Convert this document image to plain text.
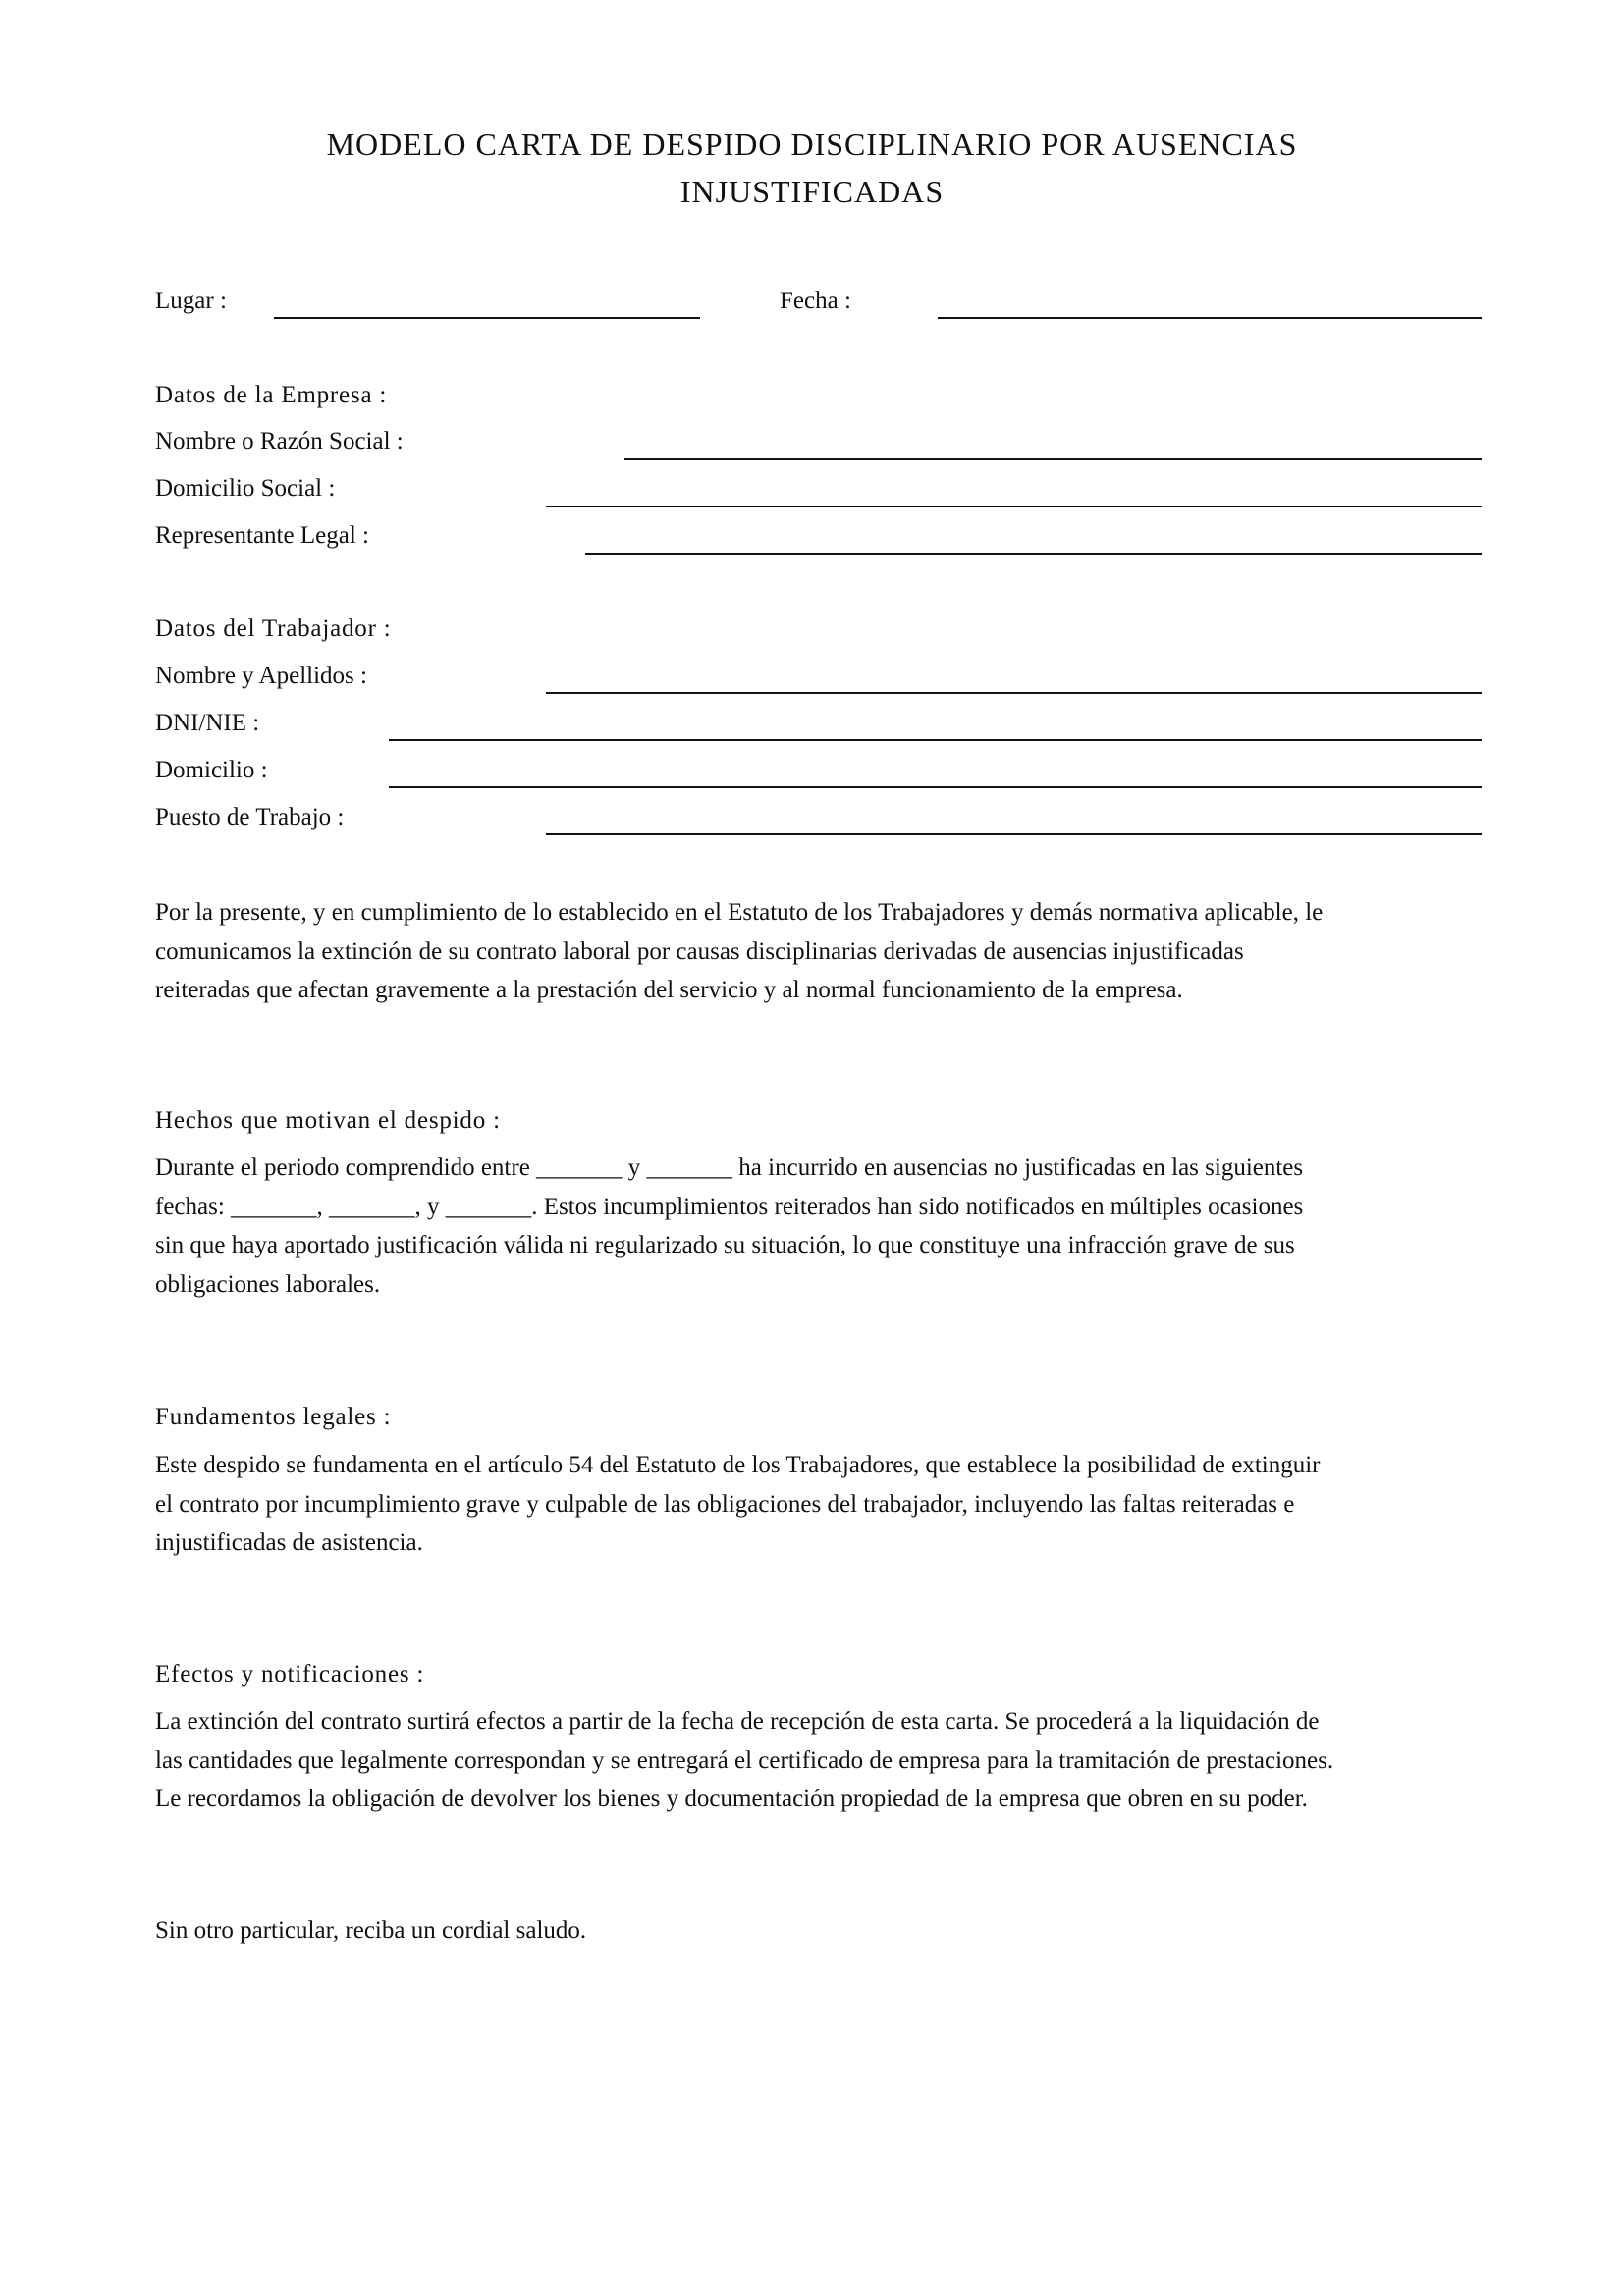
MODELO CARTA DE DESPIDO DISCIPLINARIO POR AUSENCIAS
INJUSTIFICADAS
Lugar :	Fecha :
Datos de la Empresa :
Nombre o Razón Social :
Domicilio Social :
Representante Legal :
Datos del Trabajador :
Nombre y Apellidos :
DNI/NIE :
Domicilio :
Puesto de Trabajo :
Por la presente, y en cumplimiento de lo establecido en el Estatuto de los Trabajadores y demás normativa aplicable, le
comunicamos la extinción de su contrato laboral por causas disciplinarias derivadas de ausencias injustificadas
reiteradas que afectan gravemente a la prestación del servicio y al normal funcionamiento de la empresa.
Hechos que motivan el despido :
Durante el periodo comprendido entre _______ y _______ ha incurrido en ausencias no justificadas en las siguientes
fechas: _______, _______, y _______. Estos incumplimientos reiterados han sido notificados en múltiples ocasiones
sin que haya aportado justificación válida ni regularizado su situación, lo que constituye una infracción grave de sus
obligaciones laborales.
Fundamentos legales :
Este despido se fundamenta en el artículo 54 del Estatuto de los Trabajadores, que establece la posibilidad de extinguir
el contrato por incumplimiento grave y culpable de las obligaciones del trabajador, incluyendo las faltas reiteradas e
injustificadas de asistencia.
Efectos y notificaciones :
La extinción del contrato surtirá efectos a partir de la fecha de recepción de esta carta. Se procederá a la liquidación de
las cantidades que legalmente correspondan y se entregará el certificado de empresa para la tramitación de prestaciones.
Le recordamos la obligación de devolver los bienes y documentación propiedad de la empresa que obren en su poder.
Sin otro particular, reciba un cordial saludo.
